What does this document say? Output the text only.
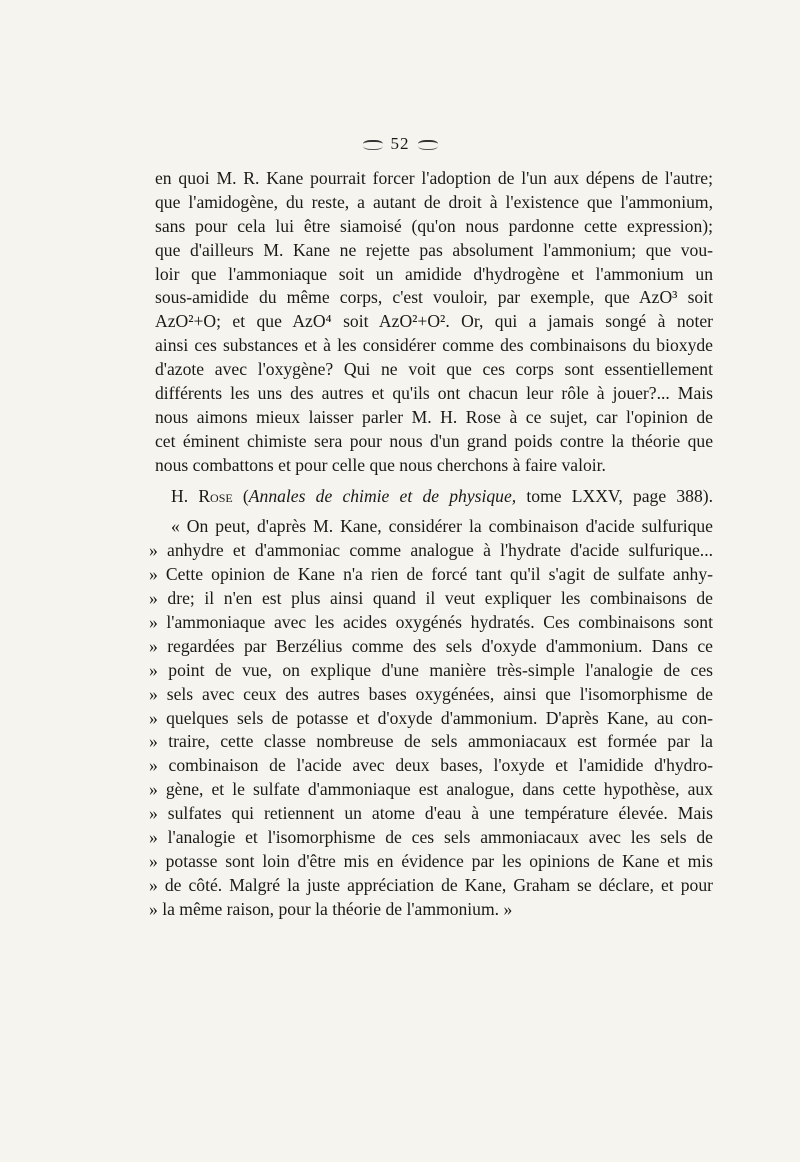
52
en quoi M. R. Kane pourrait forcer l'adoption de l'un aux dépens de l'autre;
que l'amidogène, du reste, a autant de droit à l'existence que l'ammonium,
sans pour cela lui être siamoisé (qu'on nous pardonne cette expression);
que d'ailleurs M. Kane ne rejette pas absolument l'ammonium; que vou-
loir que l'ammoniaque soit un amidide d'hydrogène et l'ammonium un
sous-amidide du même corps, c'est vouloir, par exemple, que AzO³ soit
AzO²+O; et que AzO⁴ soit AzO²+O². Or, qui a jamais songé à noter
ainsi ces substances et à les considérer comme des combinaisons du bioxyde
d'azote avec l'oxygène? Qui ne voit que ces corps sont essentiellement
différents les uns des autres et qu'ils ont chacun leur rôle à jouer?... Mais
nous aimons mieux laisser parler M. H. Rose à ce sujet, car l'opinion de
cet éminent chimiste sera pour nous d'un grand poids contre la théorie que
nous combattons et pour celle que nous cherchons à faire valoir.
H. Rose (Annales de chimie et de physique, tome LXXV, page 388).
« On peut, d'après M. Kane, considérer la combinaison d'acide sulfurique
» anhydre et d'ammoniac comme analogue à l'hydrate d'acide sulfurique...
» Cette opinion de Kane n'a rien de forcé tant qu'il s'agit de sulfate anhy-
» dre; il n'en est plus ainsi quand il veut expliquer les combinaisons de
» l'ammoniaque avec les acides oxygénés hydratés. Ces combinaisons sont
» regardées par Berzélius comme des sels d'oxyde d'ammonium. Dans ce
» point de vue, on explique d'une manière très-simple l'analogie de ces
» sels avec ceux des autres bases oxygénées, ainsi que l'isomorphisme de
» quelques sels de potasse et d'oxyde d'ammonium. D'après Kane, au con-
» traire, cette classe nombreuse de sels ammoniacaux est formée par la
» combinaison de l'acide avec deux bases, l'oxyde et l'amidide d'hydro-
» gène, et le sulfate d'ammoniaque est analogue, dans cette hypothèse, aux
» sulfates qui retiennent un atome d'eau à une température élevée. Mais
» l'analogie et l'isomorphisme de ces sels ammoniacaux avec les sels de
» potasse sont loin d'être mis en évidence par les opinions de Kane et mis
» de côté. Malgré la juste appréciation de Kane, Graham se déclare, et pour
» la même raison, pour la théorie de l'ammonium. »
